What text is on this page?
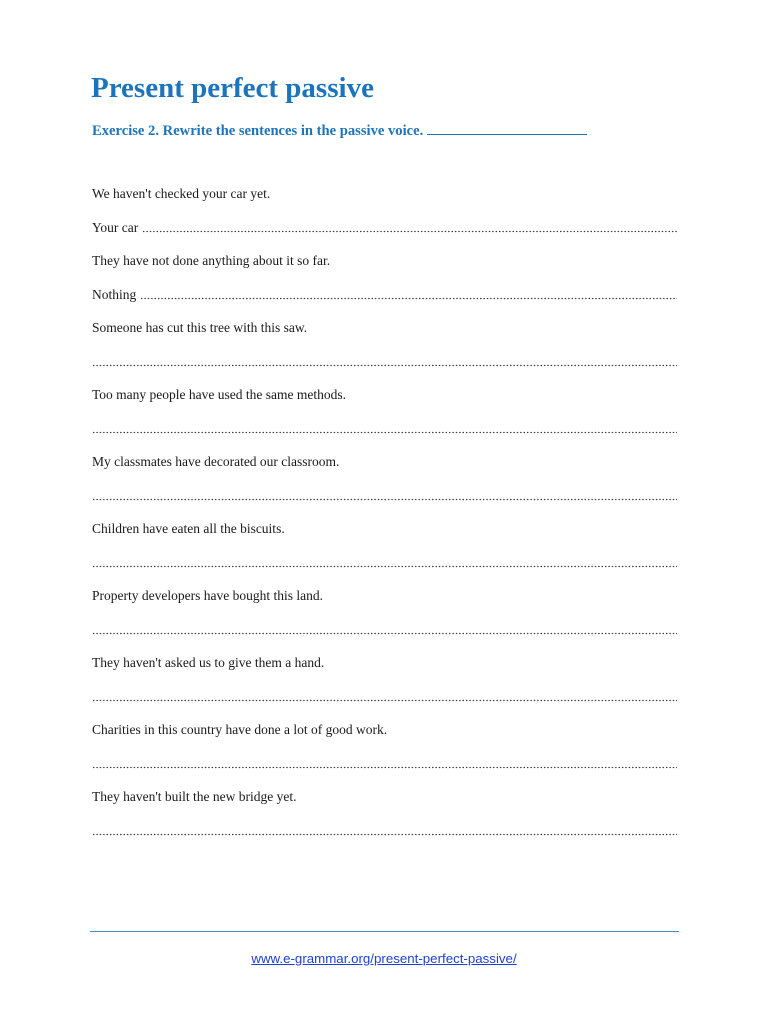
Present perfect passive

Exercise 2. Rewrite the sentences in the passive voice.

We haven't checked your car yet.
Your car
They have not done anything about it so far.
Nothing
Someone has cut this tree with this saw.
Too many people have used the same methods.
My classmates have decorated our classroom.
Children have eaten all the biscuits.
Property developers have bought this land.
They haven't asked us to give them a hand.
Charities in this country have done a lot of good work.
They haven't built the new bridge yet.
www.e-grammar.org/present-perfect-passive/
